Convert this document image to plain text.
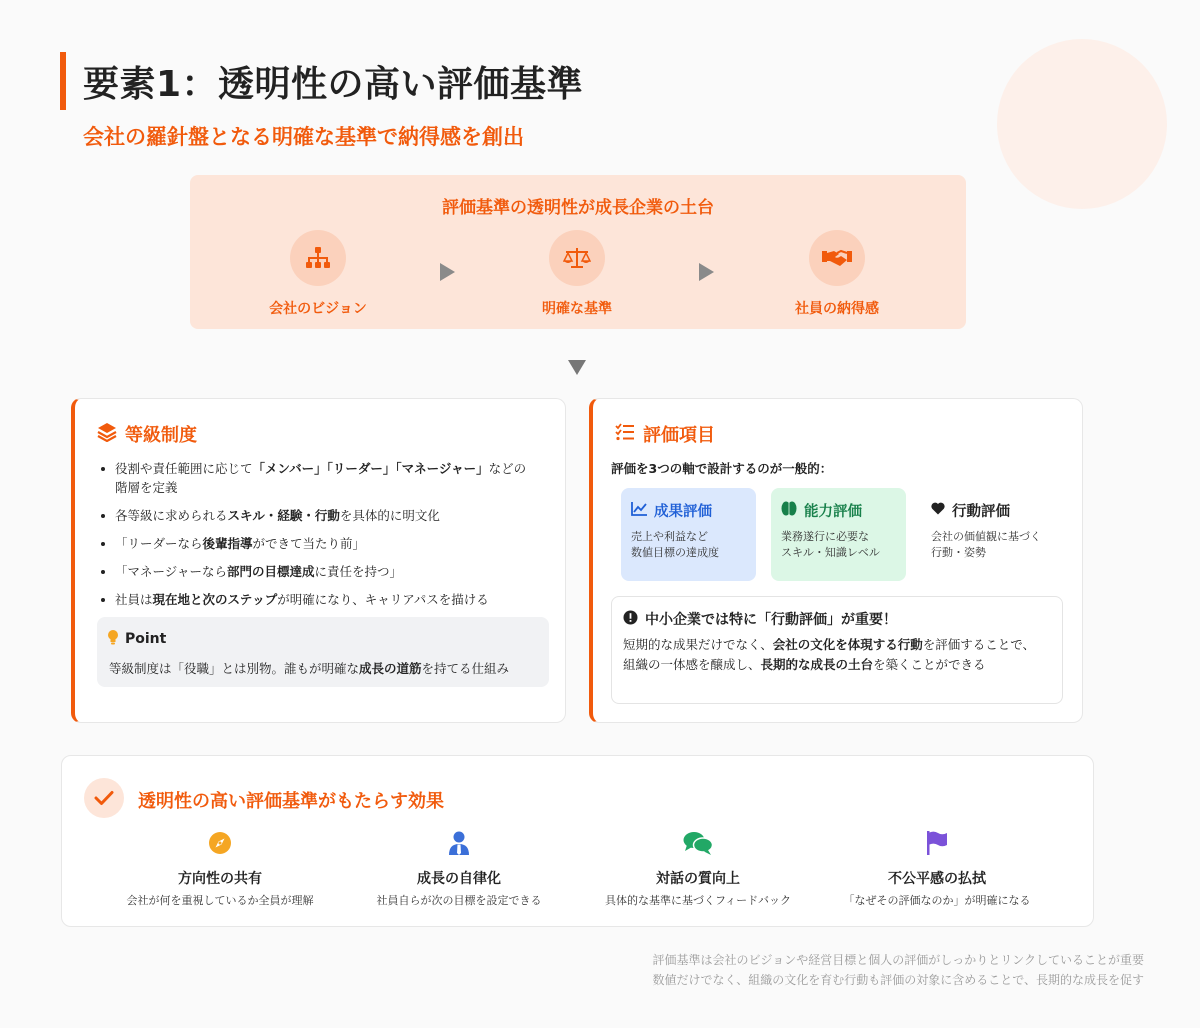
要素1：透明性の高い評価基準
会社の羅針盤となる明確な基準で納得感を創出
評価基準の透明性が成長企業の土台
会社のビジョン	明確な基準	社員の納得感
等級制度
役割や責任範囲に応じて「メンバー」「リーダー」「マネージャー」などの階層を定義
各等級に求められるスキル・経験・行動を具体的に明文化
「リーダーなら後輩指導ができて当たり前」
「マネージャーなら部門の目標達成に責任を持つ」
社員は現在地と次のステップが明確になり、キャリアパスを描ける
Point
等級制度は「役職」とは別物。誰もが明確な成長の道筋を持てる仕組み
評価項目
評価を3つの軸で設計するのが一般的：
成果評価
売上や利益など
数値目標の達成度
能力評価
業務遂行に必要な
スキル・知識レベル
行動評価
会社の価値観に基づく
行動・姿勢
中小企業では特に「行動評価」が重要！
短期的な成果だけでなく、会社の文化を体現する行動を評価することで、
組織の一体感を醸成し、長期的な成長の土台を築くことができる
透明性の高い評価基準がもたらす効果
方向性の共有
会社が何を重視しているか全員が理解
成長の自律化
社員自らが次の目標を設定できる
対話の質向上
具体的な基準に基づくフィードバック
不公平感の払拭
「なぜその評価なのか」が明確になる
評価基準は会社のビジョンや経営目標と個人の評価がしっかりとリンクしていることが重要
数値だけでなく、組織の文化を育む行動も評価の対象に含めることで、長期的な成長を促す
